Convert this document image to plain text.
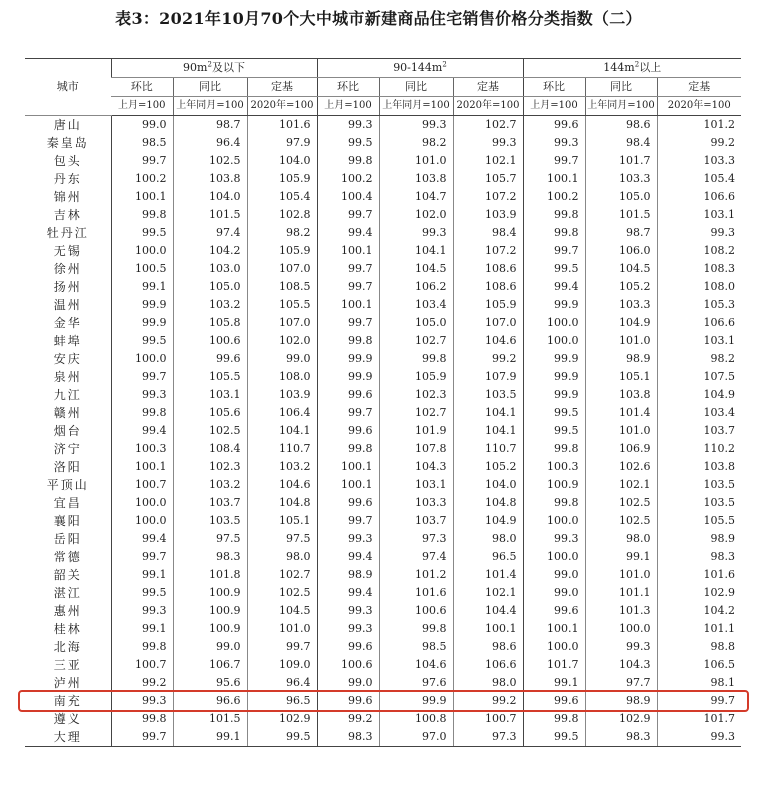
表3：2021年10月70个大中城市新建商品住宅销售价格分类指数（二）
城市	$90m^2$及以下			$90-144m^2$			$144m^2$以上		
	环比	同比	定基	环比	同比	定基	环比	同比	定基
	上月=100	上年同月=100	2020年=100	上月=100	上年同月=100	2020年=100	上月=100	上年同月=100	2020年=100
唐山	99.0	98.7	101.6	99.3	99.3	102.7	99.6	98.6	101.2
秦皇岛	98.5	96.4	97.9	99.5	98.2	99.3	99.3	98.4	99.2
包头	99.7	102.5	104.0	99.8	101.0	102.1	99.7	101.7	103.3
丹东	100.2	103.8	105.9	100.2	103.8	105.7	100.1	103.3	105.4
锦州	100.1	104.0	105.4	100.4	104.7	107.2	100.2	105.0	106.6
吉林	99.8	101.5	102.8	99.7	102.0	103.9	99.8	101.5	103.1
牡丹江	99.5	97.4	98.2	99.4	99.3	98.4	99.8	98.7	99.3
无锡	100.0	104.2	105.9	100.1	104.1	107.2	99.7	106.0	108.2
徐州	100.5	103.0	107.0	99.7	104.5	108.6	99.5	104.5	108.3
扬州	99.1	105.0	108.5	99.7	106.2	108.6	99.4	105.2	108.0
温州	99.9	103.2	105.5	100.1	103.4	105.9	99.9	103.3	105.3
金华	99.9	105.8	107.0	99.7	105.0	107.0	100.0	104.9	106.6
蚌埠	99.5	100.6	102.0	99.8	102.7	104.6	100.0	101.0	103.1
安庆	100.0	99.6	99.0	99.9	99.8	99.2	99.9	98.9	98.2
泉州	99.7	105.5	108.0	99.9	105.9	107.9	99.9	105.1	107.5
九江	99.3	103.1	103.9	99.6	102.3	103.5	99.9	103.8	104.9
赣州	99.8	105.6	106.4	99.7	102.7	104.1	99.5	101.4	103.4
烟台	99.4	102.5	104.1	99.6	101.9	104.1	99.5	101.0	103.7
济宁	100.3	108.4	110.7	99.8	107.8	110.7	99.8	106.9	110.2
洛阳	100.1	102.3	103.2	100.1	104.3	105.2	100.3	102.6	103.8
平顶山	100.7	103.2	104.6	100.1	103.1	104.0	100.9	102.1	103.5
宜昌	100.0	103.7	104.8	99.6	103.3	104.8	99.8	102.5	103.5
襄阳	100.0	103.5	105.1	99.7	103.7	104.9	100.0	102.5	105.5
岳阳	99.4	97.5	97.5	99.3	97.3	98.0	99.3	98.0	98.9
常德	99.7	98.3	98.0	99.4	97.4	96.5	100.0	99.1	98.3
韶关	99.1	101.8	102.7	98.9	101.2	101.4	99.0	101.0	101.6
湛江	99.5	100.9	102.5	99.4	101.6	102.1	99.0	101.1	102.9
惠州	99.3	100.9	104.5	99.3	100.6	104.4	99.6	101.3	104.2
桂林	99.1	100.9	101.0	99.3	99.8	100.1	100.1	100.0	101.1
北海	99.8	99.0	99.7	99.6	98.5	98.6	100.0	99.3	98.8
三亚	100.7	106.7	109.0	100.6	104.6	106.6	101.7	104.3	106.5
泸州	99.2	95.6	96.4	99.0	97.6	98.0	99.1	97.7	98.1
南充	99.3	96.6	96.5	99.6	99.9	99.2	99.6	98.9	99.7
遵义	99.8	101.5	102.9	99.2	100.8	100.7	99.8	102.9	101.7
大理	99.7	99.1	99.5	98.3	97.0	97.3	99.5	98.3	99.3
